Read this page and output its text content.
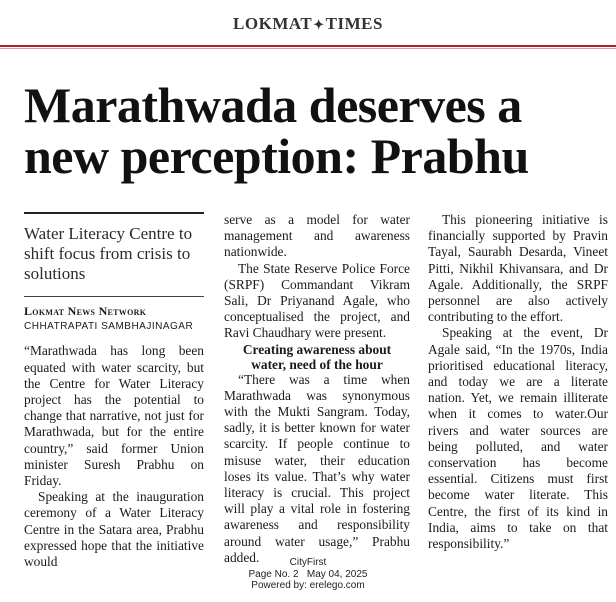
LOKMAT✦TIMES
Marathwada deserves a new perception: Prabhu
Water Literacy Centre to shift focus from crisis to solutions
Lokmat News Network
CHHATRAPATI SAMBHAJINAGAR

“Marathwada has long been equated with water scarcity, but the Centre for Water Literacy project has the potential to change that narrative, not just for Marathwada, but for the entire country,” said former Union minister Suresh Prabhu on Friday.

Speaking at the inauguration ceremony of a Water Literacy Centre in the Satara area, Prabhu expressed hope that the initiative would

serve as a model for water management and awareness nationwide.

The State Reserve Police Force (SRPF) Commandant Vikram Sali, Dr Priyanand Agale, who conceptualised the project, and Ravi Chaudhary were present.

Creating awareness about water, need of the hour

“There was a time when Marathwada was synonymous with the Mukti Sangram. Today, sadly, it is better known for water scarcity. If people continue to misuse water, their education loses its value. That’s why water literacy is crucial. This project will play a vital role in fostering awareness and responsibility around water usage,” Prabhu added.

This pioneering initiative is financially supported by Pravin Tayal, Saurabh Desarda, Vineet Pitti, Nikhil Khivansara, and Dr Agale. Additionally, the SRPF personnel are also actively contributing to the effort.

Speaking at the event, Dr Agale said, “In the 1970s, India prioritised educational literacy, and today we are a literate nation. Yet, we remain illiterate when it comes to water.Our rivers and water sources are being polluted, and water conservation has become essential. Citizens must first become water literate. This Centre, the first of its kind in India, aims to take on that responsibility.”

CityFirst
Page No. 2 May 04, 2025
Powered by: erelego.com
